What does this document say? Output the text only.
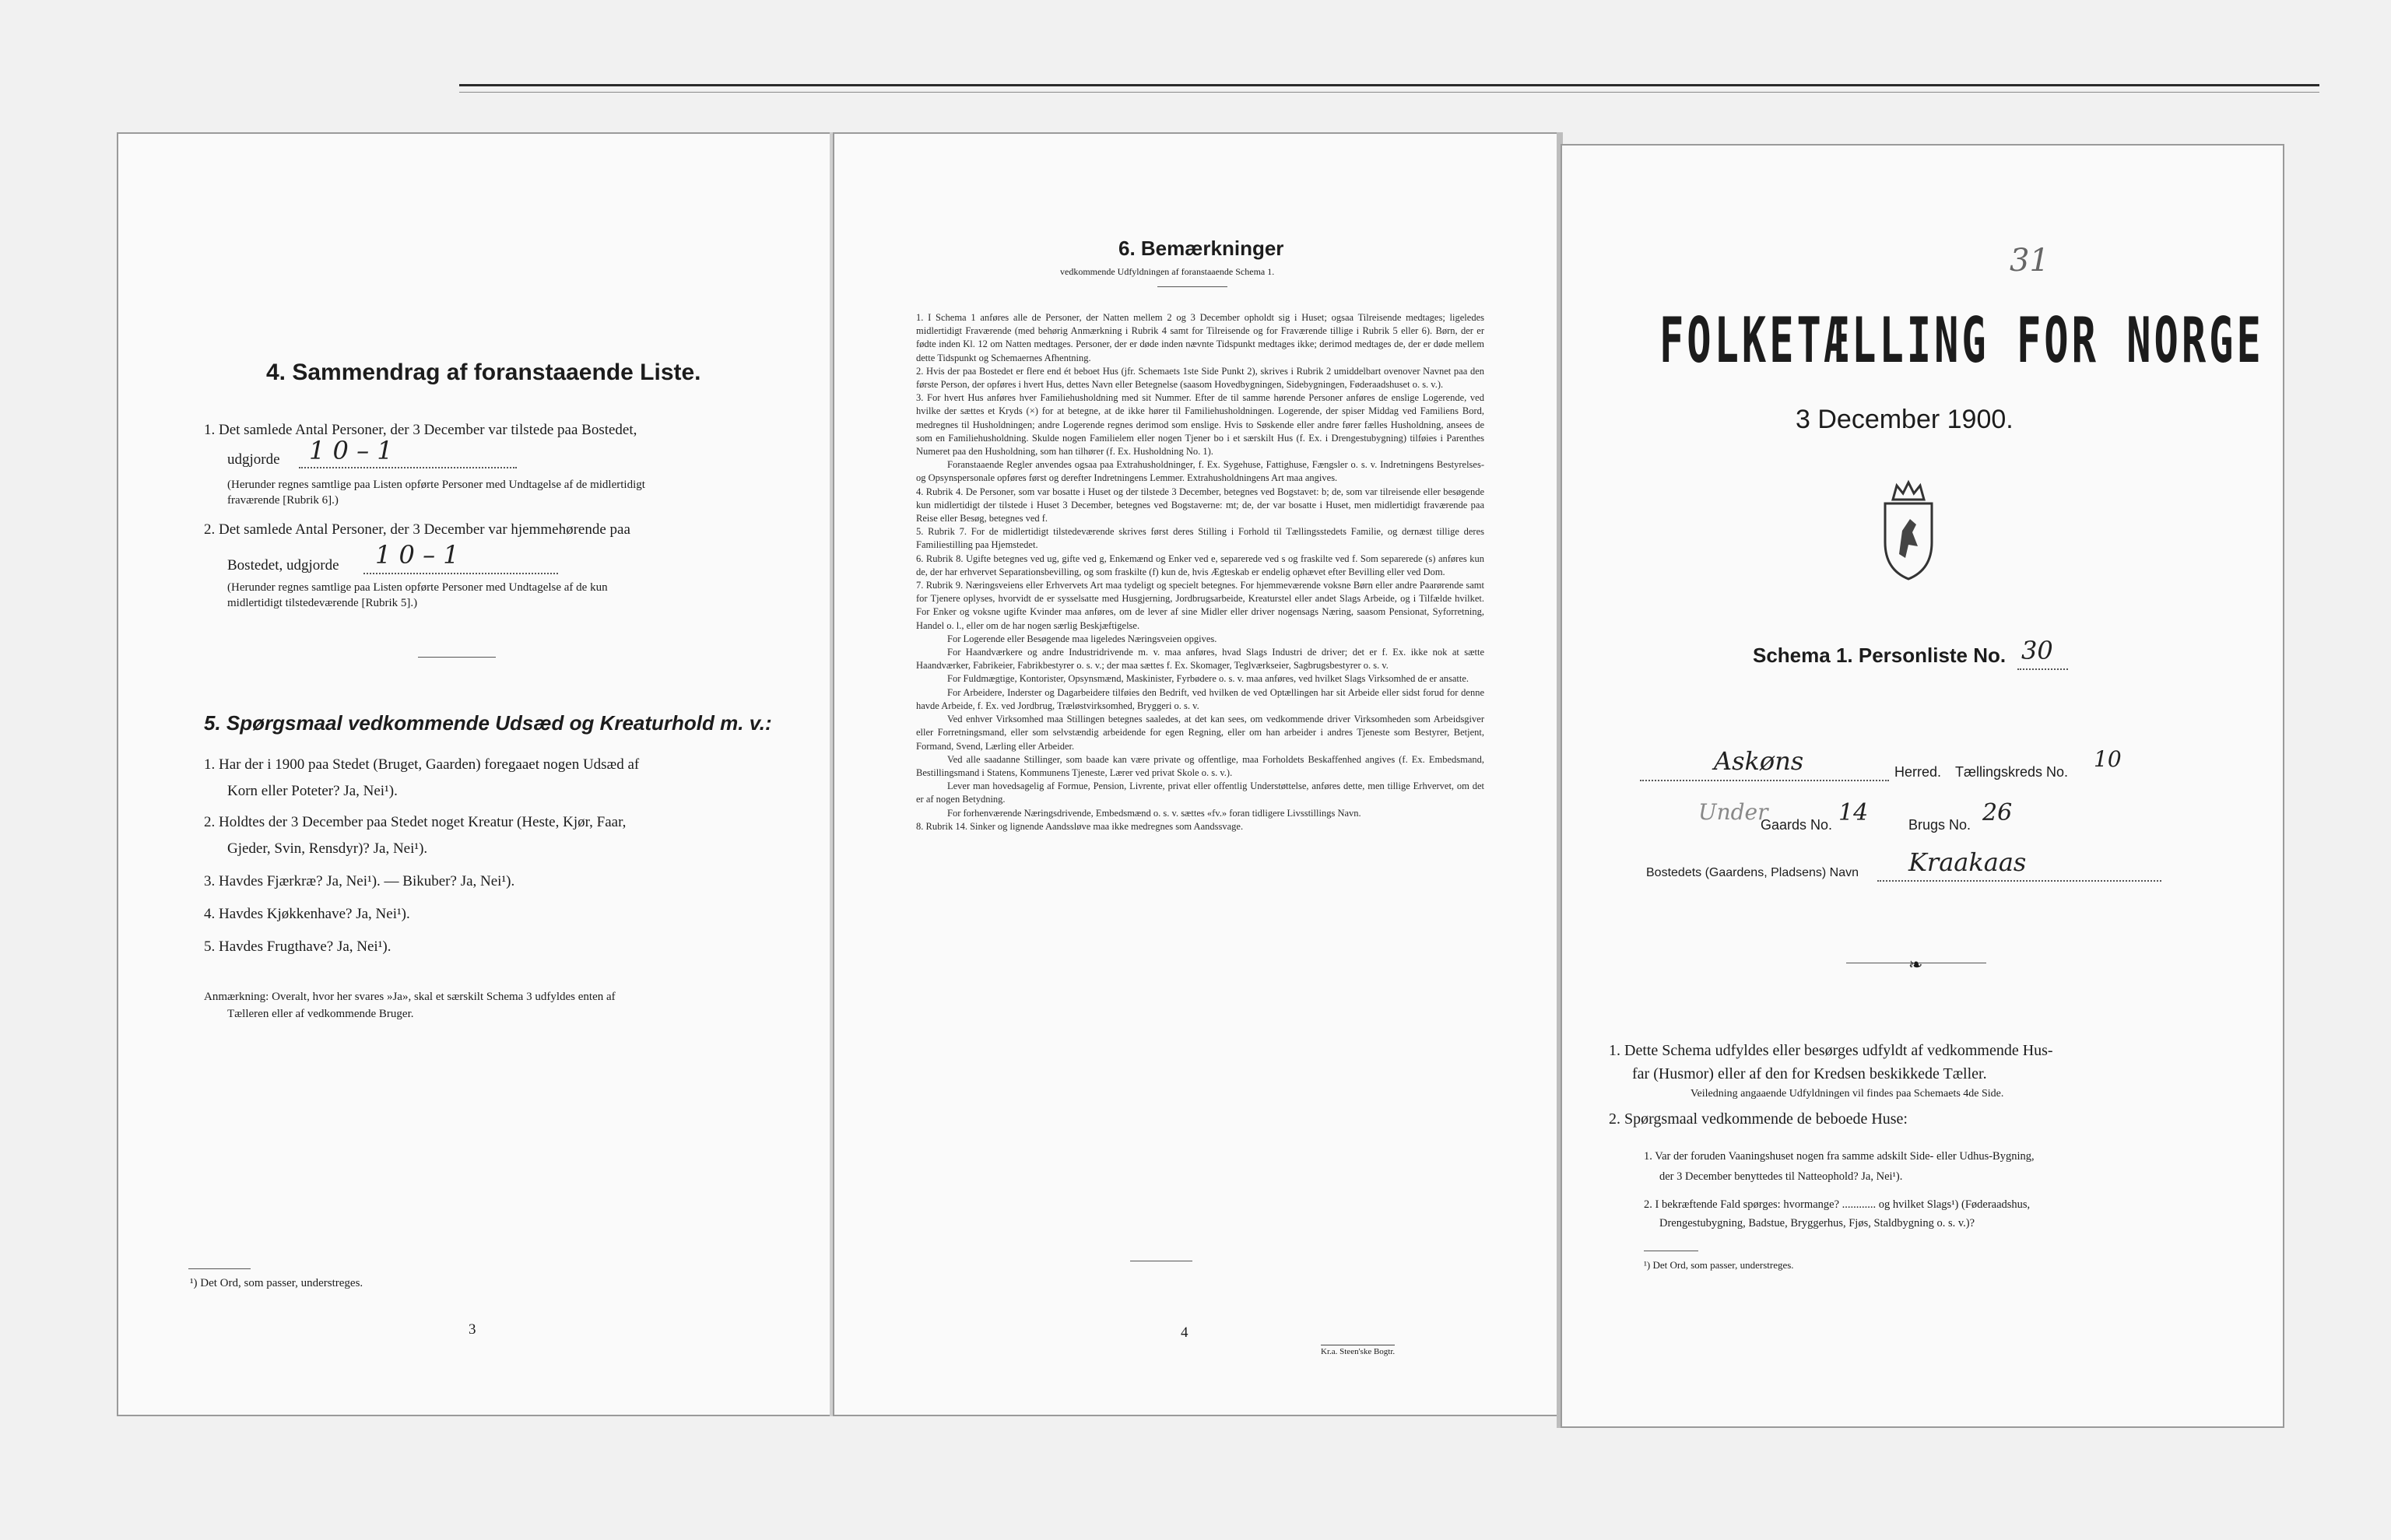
4. Sammendrag af foranstaaende Liste.
1. Det samlede Antal Personer, der 3 December var tilstede paa Bostedet,
udgjorde 1 0 – 1
(Herunder regnes samtlige paa Listen opførte Personer med Undtagelse af de midlertidigt
fraværende [Rubrik 6].)
2. Det samlede Antal Personer, der 3 December var hjemmehørende paa
Bostedet, udgjorde 1 0 – 1
(Herunder regnes samtlige paa Listen opførte Personer med Undtagelse af de kun
midlertidigt tilstedeværende [Rubrik 5].)
5. Spørgsmaal vedkommende Udsæd og Kreaturhold m. v.:
1. Har der i 1900 paa Stedet (Bruget, Gaarden) foregaaet nogen Udsæd af
Korn eller Poteter? Ja, Nei¹).
2. Holdtes der 3 December paa Stedet noget Kreatur (Heste, Kjør, Faar,
Gjeder, Svin, Rensdyr)? Ja, Nei¹).
3. Havdes Fjærkræ? Ja, Nei¹). — Bikuber? Ja, Nei¹).
4. Havdes Kjøkkenhave? Ja, Nei¹).
5. Havdes Frugthave? Ja, Nei¹).
Anmærkning: Overalt, hvor her svares »Ja», skal et særskilt Schema 3 udfyldes enten af
Tælleren eller af vedkommende Bruger.
¹) Det Ord, som passer, understreges.
3
6. Bemærkninger
vedkommende Udfyldningen af foranstaaende Schema 1.
1. I Schema 1 anføres alle de Personer, der Natten mellem 2 og 3 December opholdt sig i Huset; ogsaa Tilreisende medtages; ligeledes midlertidigt Fraværende (med behørig Anmærkning i Rubrik 4 samt for Tilreisende og for Fraværende tillige i Rubrik 5 eller 6). Børn, der er fødte inden Kl. 12 om Natten medtages. Personer, der er døde inden nævnte Tidspunkt medtages ikke; derimod medtages de, der er døde mellem dette Tidspunkt og Schemaernes Afhentning.
2. Hvis der paa Bostedet er flere end ét beboet Hus (jfr. Schemaets 1ste Side Punkt 2), skrives i Rubrik 2 umiddelbart ovenover Navnet paa den første Person, der opføres i hvert Hus, dettes Navn eller Betegnelse (saasom Hovedbygningen, Sidebygningen, Føderaadshuset o. s. v.).
3. For hvert Hus anføres hver Familiehusholdning med sit Nummer. Efter de til samme hørende Personer anføres de enslige Logerende, ved hvilke der sættes et Kryds (×) for at betegne, at de ikke hører til Familiehusholdningen. Logerende, der spiser Middag ved Familiens Bord, medregnes til Husholdningen; andre Logerende regnes derimod som enslige. Hvis to Søskende eller andre fører fælles Husholdning, ansees de som en Familiehusholdning. Skulde nogen Familielem eller nogen Tjener bo i et særskilt Hus (f. Ex. i Drengestubygning) tilføies i Parenthes Numeret paa den Husholdning, som han tilhører (f. Ex. Husholdning No. 1).
Foranstaaende Regler anvendes ogsaa paa Extrahusholdninger, f. Ex. Sygehuse, Fattighuse, Fængsler o. s. v. Indretningens Bestyrelses- og Opsynspersonale opføres først og derefter Indretningens Lemmer. Extrahusholdningens Art maa angives.
4. Rubrik 4. De Personer, som var bosatte i Huset og der tilstede 3 December, betegnes ved Bogstavet: b; de, som var tilreisende eller besøgende kun midlertidigt der tilstede i Huset 3 December, betegnes ved Bogstaverne: mt; de, der var bosatte i Huset, men midlertidigt fraværende paa Reise eller Besøg, betegnes ved f.
5. Rubrik 7. For de midlertidigt tilstedeværende skrives først deres Stilling i Forhold til Tællingsstedets Familie, og dernæst tillige deres Familiestilling paa Hjemstedet.
6. Rubrik 8. Ugifte betegnes ved ug, gifte ved g, Enkemænd og Enker ved e, separerede ved s og fraskilte ved f. Som separerede (s) anføres kun de, der har erhvervet Separationsbevilling, og som fraskilte (f) kun de, hvis Ægteskab er endelig ophævet efter Bevilling eller ved Dom.
7. Rubrik 9. Næringsveiens eller Erhvervets Art maa tydeligt og specielt betegnes. For hjemmeværende voksne Børn eller andre Paarørende samt for Tjenere oplyses, hvorvidt de er sysselsatte med Husgjerning, Jordbrugsarbeide, Kreaturstel eller andet Slags Arbeide, og i Tilfælde hvilket. For Enker og voksne ugifte Kvinder maa anføres, om de lever af sine Midler eller driver nogensags Næring, saasom Pensionat, Syforretning, Handel o. l., eller om de har nogen særlig Beskjæftigelse.
For Logerende eller Besøgende maa ligeledes Næringsveien opgives.
For Haandværkere og andre Industridrivende m. v. maa anføres, hvad Slags Industri de driver; det er f. Ex. ikke nok at sætte Haandværker, Fabrikeier, Fabrikbestyrer o. s. v.; der maa sættes f. Ex. Skomager, Teglværkseier, Sagbrugsbestyrer o. s. v.
For Fuldmægtige, Kontorister, Opsynsmænd, Maskinister, Fyrbødere o. s. v. maa anføres, ved hvilket Slags Virksomhed de er ansatte.
For Arbeidere, Inderster og Dagarbeidere tilføies den Bedrift, ved hvilken de ved Optællingen har sit Arbeide eller sidst forud for denne havde Arbeide, f. Ex. ved Jordbrug, Træløstvirksomhed, Bryggeri o. s. v.
Ved enhver Virksomhed maa Stillingen betegnes saaledes, at det kan sees, om vedkommende driver Virksomheden som Arbeidsgiver eller Forretningsmand, eller som selvstændig arbeidende for egen Regning, eller om han arbeider i andres Tjeneste som Bestyrer, Betjent, Formand, Svend, Lærling eller Arbeider.
Ved alle saadanne Stillinger, som baade kan være private og offentlige, maa Forholdets Beskaffenhed angives (f. Ex. Embedsmand, Bestillingsmand i Statens, Kommunens Tjeneste, Lærer ved privat Skole o. s. v.).
Lever man hovedsagelig af Formue, Pension, Livrente, privat eller offentlig Understøttelse, anføres dette, men tillige Erhvervet, om det er af nogen Betydning.
For forhenværende Næringsdrivende, Embedsmænd o. s. v. sættes «fv.» foran tidligere Livsstillings Navn.
8. Rubrik 14. Sinker og lignende Aandssløve maa ikke medregnes som Aandssvage.
4
Kr.a. Steen'ske Bogtr.
31
FOLKETÆLLING FOR NORGE
3 December 1900.
Schema 1. Personliste No. 30
Askøns	Herred. Tællingskreds No. 10
Under
Gaards No. 14	Brugs No. 26
Bostedets (Gaardens, Pladsens) Navn Kraakaas
❧
1. Dette Schema udfyldes eller besørges udfyldt af vedkommende Hus-
far (Husmor) eller af den for Kredsen beskikkede Tæller.
Veiledning angaaende Udfyldningen vil findes paa Schemaets 4de Side.
2. Spørgsmaal vedkommende de beboede Huse:
1. Var der foruden Vaaningshuset nogen fra samme adskilt Side- eller Udhus-Bygning,
der 3 December benyttedes til Natteophold? Ja, Nei¹).
2. I bekræftende Fald spørges: hvormange? ............ og hvilket Slags¹) (Føderaadshus,
Drengestubygning, Badstue, Bryggerhus, Fjøs, Staldbygning o. s. v.)?
¹) Det Ord, som passer, understreges.
